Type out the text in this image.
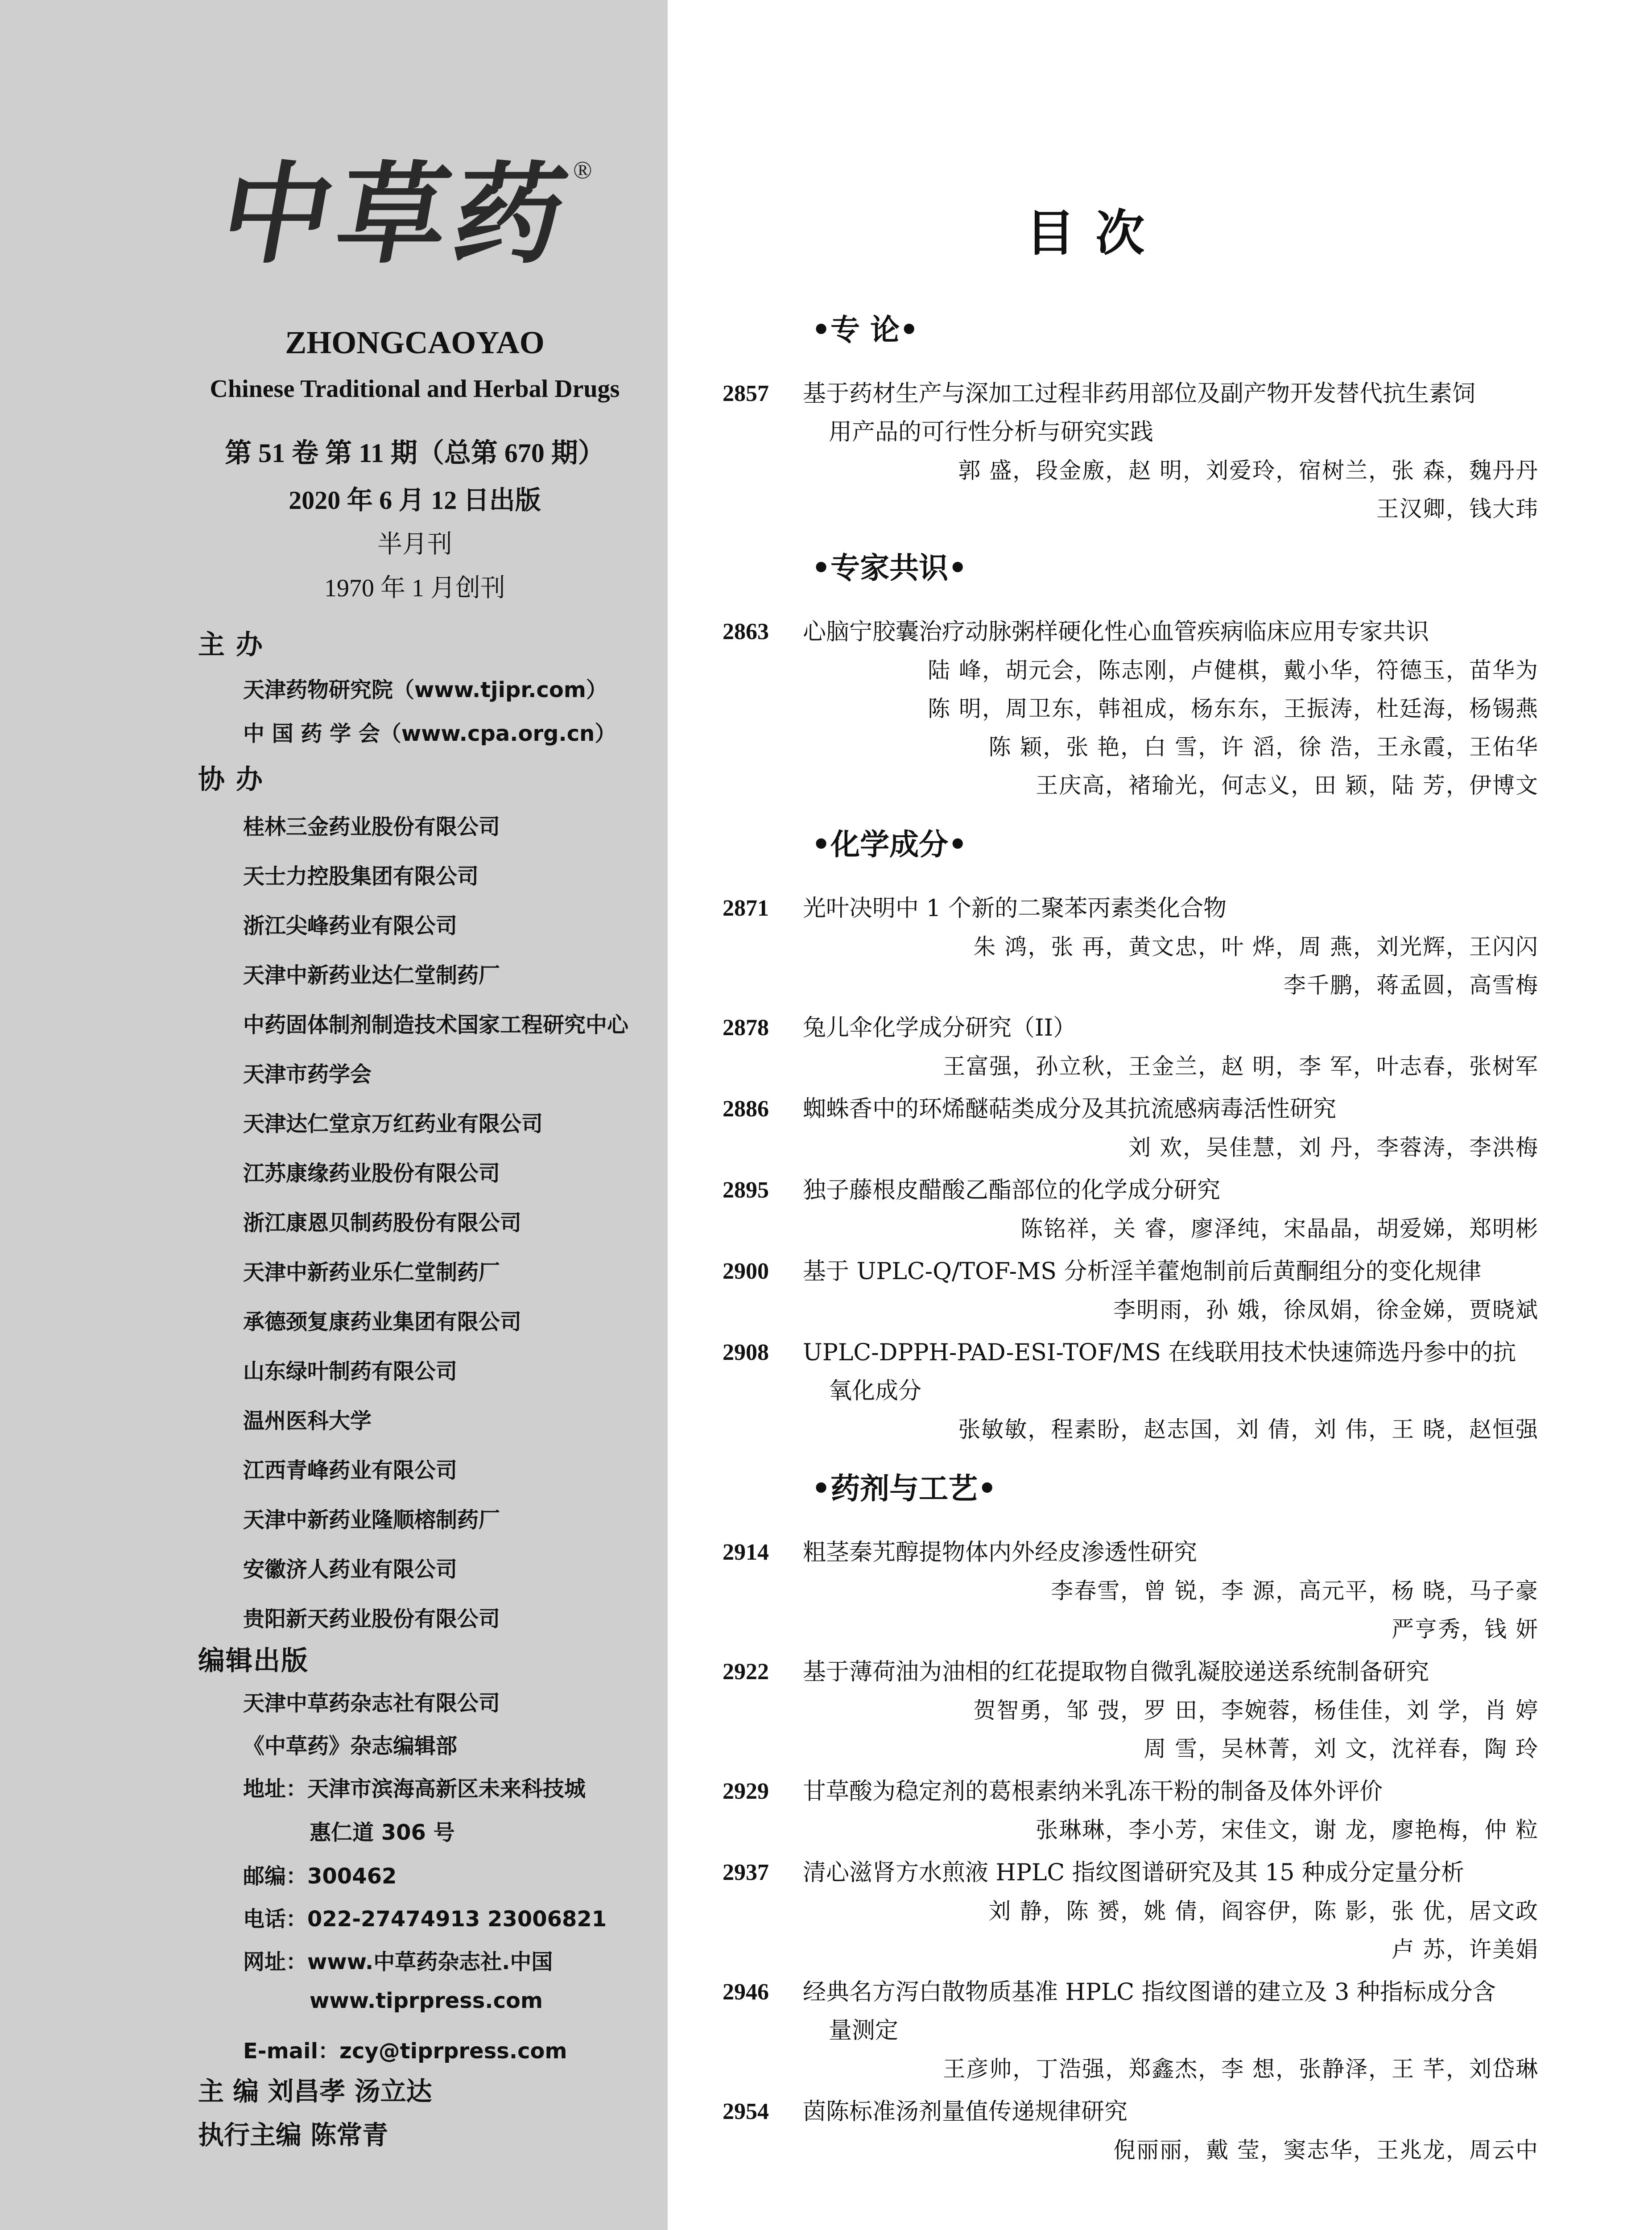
中
草
药
®
ZHONGCAOYAO
Chinese Traditional and Herbal Drugs
第 51 卷 第 11 期（总第 670 期）
2020 年 6 月 12 日出版
半月刊
1970 年 1 月创刊
主 办
天津药物研究院（www.tjipr.com）
中 国 药 学 会（www.cpa.org.cn）
协 办
桂林三金药业股份有限公司
天士力控股集团有限公司
浙江尖峰药业有限公司
天津中新药业达仁堂制药厂
中药固体制剂制造技术国家工程研究中心
天津市药学会
天津达仁堂京万红药业有限公司
江苏康缘药业股份有限公司
浙江康恩贝制药股份有限公司
天津中新药业乐仁堂制药厂
承德颈复康药业集团有限公司
山东绿叶制药有限公司
温州医科大学
江西青峰药业有限公司
天津中新药业隆顺榕制药厂
安徽济人药业有限公司
贵阳新天药业股份有限公司
编辑出版
天津中草药杂志社有限公司
《中草药》杂志编辑部
地址：天津市滨海高新区未来科技城
惠仁道 306 号
邮编：300462
电话：022-27474913 23006821
网址：www.中草药杂志社.中国
www.tiprpress.com
E-mail：zcy@tiprpress.com
主 编 刘昌孝 汤立达
执行主编 陈常青
目 次
•专 论•
2857 基于药材生产与深加工过程非药用部位及副产物开发替代抗生素饲
用产品的可行性分析与研究实践
郭 盛，段金廒，赵 明，刘爱玲，宿树兰，张 森，魏丹丹
王汉卿，钱大玮
•专家共识•
2863 心脑宁胶囊治疗动脉粥样硬化性心血管疾病临床应用专家共识
陆 峰，胡元会，陈志刚，卢健棋，戴小华，符德玉，苗华为
陈 明，周卫东，韩祖成，杨东东，王振涛，杜廷海，杨锡燕
陈 颖，张 艳，白 雪，许 滔，徐 浩，王永霞，王佑华
王庆高，褚瑜光，何志义，田 颖，陆 芳，伊博文
•化学成分•
2871 光叶决明中 1 个新的二聚苯丙素类化合物
朱 鸿，张 再，黄文忠，叶 烨，周 燕，刘光辉，王闪闪
李千鹏，蒋孟圆，高雪梅
2878 兔儿伞化学成分研究（II）
王富强，孙立秋，王金兰，赵 明，李 军，叶志春，张树军
2886 蜘蛛香中的环烯醚萜类成分及其抗流感病毒活性研究
刘 欢，吴佳慧，刘 丹，李蓉涛，李洪梅
2895 独子藤根皮醋酸乙酯部位的化学成分研究
陈铭祥，关 睿，廖泽纯，宋晶晶，胡爱娣，郑明彬
2900 基于 UPLC-Q/TOF-MS 分析淫羊藿炮制前后黄酮组分的变化规律
李明雨，孙 娥，徐凤娟，徐金娣，贾晓斌
2908 UPLC-DPPH-PAD-ESI-TOF/MS 在线联用技术快速筛选丹参中的抗
氧化成分
张敏敏，程素盼，赵志国，刘 倩，刘 伟，王 晓，赵恒强
•药剂与工艺•
2914 粗茎秦艽醇提物体内外经皮渗透性研究
李春雪，曾 锐，李 源，高元平，杨 晓，马子豪
严亨秀，钱 妍
2922 基于薄荷油为油相的红花提取物自微乳凝胶递送系统制备研究
贺智勇，邹 弢，罗 田，李婉蓉，杨佳佳，刘 学，肖 婷
周 雪，吴林菁，刘 文，沈祥春，陶 玲
2929 甘草酸为稳定剂的葛根素纳米乳冻干粉的制备及体外评价
张琳琳，李小芳，宋佳文，谢 龙，廖艳梅，仲 粒
2937 清心滋肾方水煎液 HPLC 指纹图谱研究及其 15 种成分定量分析
刘 静，陈 赟，姚 倩，阎容伊，陈 影，张 优，居文政
卢 苏，许美娟
2946 经典名方泻白散物质基准 HPLC 指纹图谱的建立及 3 种指标成分含
量测定
王彦帅，丁浩强，郑鑫杰，李 想，张静泽，王 芊，刘岱琳
2954 茵陈标准汤剂量值传递规律研究
倪丽丽，戴 莹，窦志华，王兆龙，周云中
